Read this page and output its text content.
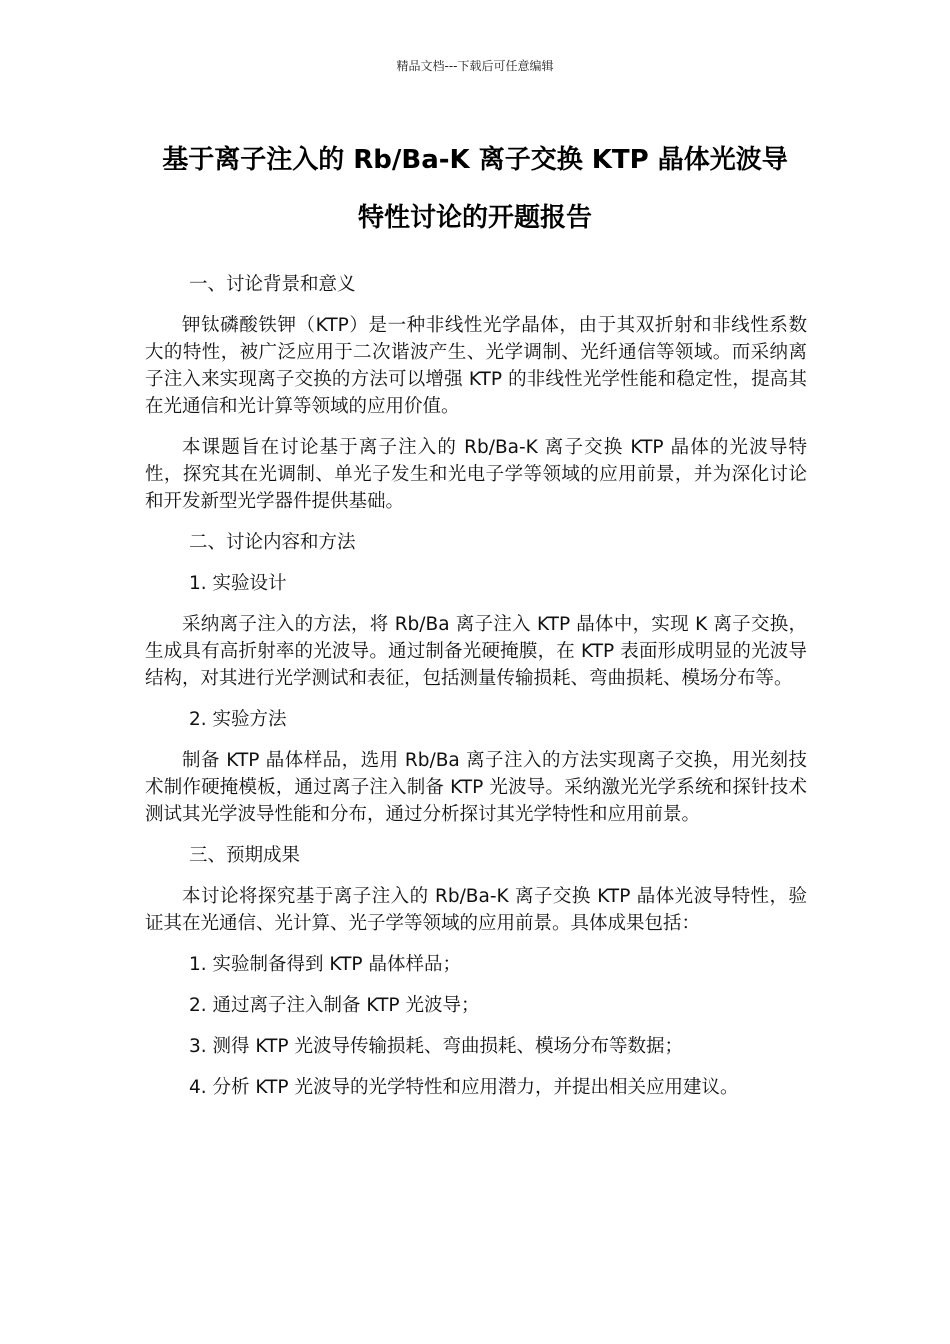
精品文档---下载后可任意编辑
基于离子注入的 Rb/Ba-K 离子交换 KTP 晶体光波导
特性讨论的开题报告
一、讨论背景和意义

钾钛磷酸铁钾（KTP）是一种非线性光学晶体，由于其双折射和非线性系数大的特性，被广泛应用于二次谐波产生、光学调制、光纤通信等领域。而采纳离子注入来实现离子交换的方法可以增强 KTP 的非线性光学性能和稳定性，提高其在光通信和光计算等领域的应用价值。

本课题旨在讨论基于离子注入的 Rb/Ba-K 离子交换 KTP 晶体的光波导特性，探究其在光调制、单光子发生和光电子学等领域的应用前景，并为深化讨论和开发新型光学器件提供基础。

二、讨论内容和方法
1. 实验设计

采纳离子注入的方法，将 Rb/Ba 离子注入 KTP 晶体中，实现 K 离子交换，生成具有高折射率的光波导。通过制备光硬掩膜，在 KTP 表面形成明显的光波导结构，对其进行光学测试和表征，包括测量传输损耗、弯曲损耗、模场分布等。

2. 实验方法

制备 KTP 晶体样品，选用 Rb/Ba 离子注入的方法实现离子交换，用光刻技术制作硬掩模板，通过离子注入制备 KTP 光波导。采纳激光光学系统和探针技术测试其光学波导性能和分布，通过分析探讨其光学特性和应用前景。

三、预期成果

本讨论将探究基于离子注入的 Rb/Ba-K 离子交换 KTP 晶体光波导特性，验证其在光通信、光计算、光子学等领域的应用前景。具体成果包括：

1. 实验制备得到 KTP 晶体样品；
2. 通过离子注入制备 KTP 光波导；
3. 测得 KTP 光波导传输损耗、弯曲损耗、模场分布等数据；
4. 分析 KTP 光波导的光学特性和应用潜力，并提出相关应用建议。
